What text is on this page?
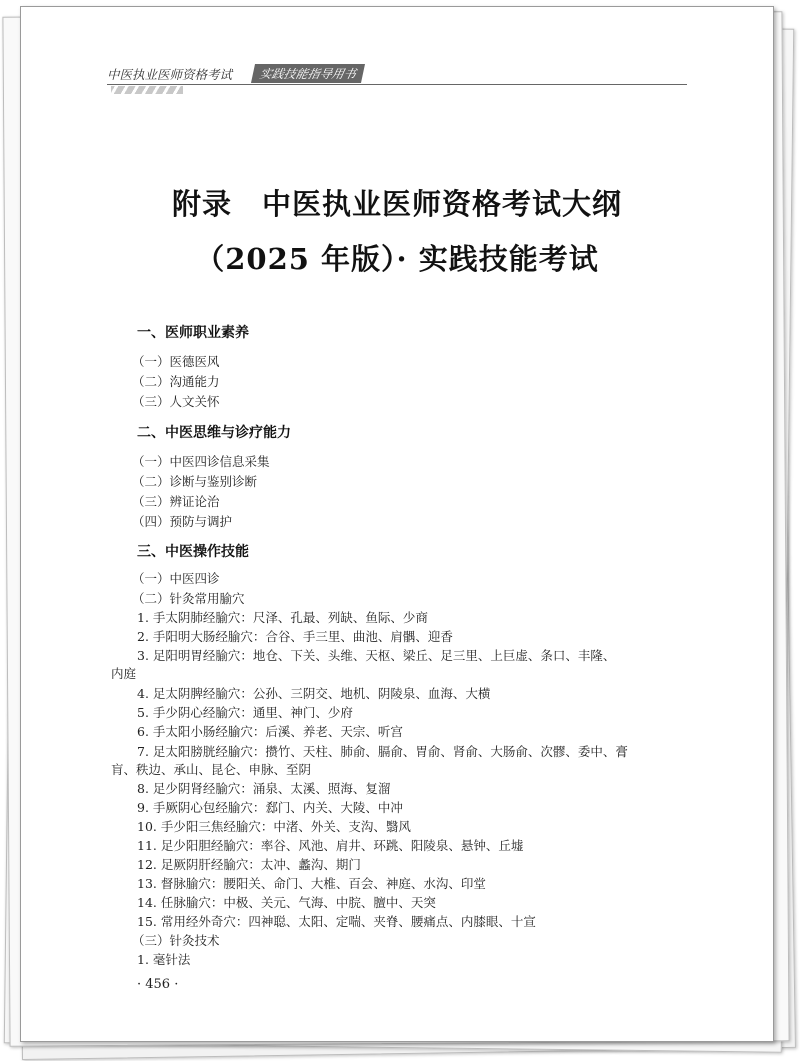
中医执业医师资格考试	实践技能指导用书
附录　中医执业医师资格考试大纲
（2025 年版）· 实践技能考试
一、医师职业素养
（一）医德医风
（二）沟通能力
（三）人文关怀
二、中医思维与诊疗能力
（一）中医四诊信息采集
（二）诊断与鉴别诊断
（三）辨证论治
（四）预防与调护
三、中医操作技能
（一）中医四诊
（二）针灸常用腧穴
1. 手太阴肺经腧穴：尺泽、孔最、列缺、鱼际、少商
2. 手阳明大肠经腧穴：合谷、手三里、曲池、肩髃、迎香
3. 足阳明胃经腧穴：地仓、下关、头维、天枢、梁丘、足三里、上巨虚、条口、丰隆、
内庭
4. 足太阴脾经腧穴：公孙、三阴交、地机、阴陵泉、血海、大横
5. 手少阴心经腧穴：通里、神门、少府
6. 手太阳小肠经腧穴：后溪、养老、天宗、听宫
7. 足太阳膀胱经腧穴：攒竹、天柱、肺俞、膈俞、胃俞、肾俞、大肠俞、次髎、委中、膏
肓、秩边、承山、昆仑、申脉、至阴
8. 足少阴肾经腧穴：涌泉、太溪、照海、复溜
9. 手厥阴心包经腧穴：郄门、内关、大陵、中冲
10. 手少阳三焦经腧穴：中渚、外关、支沟、翳风
11. 足少阳胆经腧穴：率谷、风池、肩井、环跳、阳陵泉、悬钟、丘墟
12. 足厥阴肝经腧穴：太冲、蠡沟、期门
13. 督脉腧穴：腰阳关、命门、大椎、百会、神庭、水沟、印堂
14. 任脉腧穴：中极、关元、气海、中脘、膻中、天突
15. 常用经外奇穴：四神聪、太阳、定喘、夹脊、腰痛点、内膝眼、十宣
（三）针灸技术
1. 毫针法
· 456 ·
